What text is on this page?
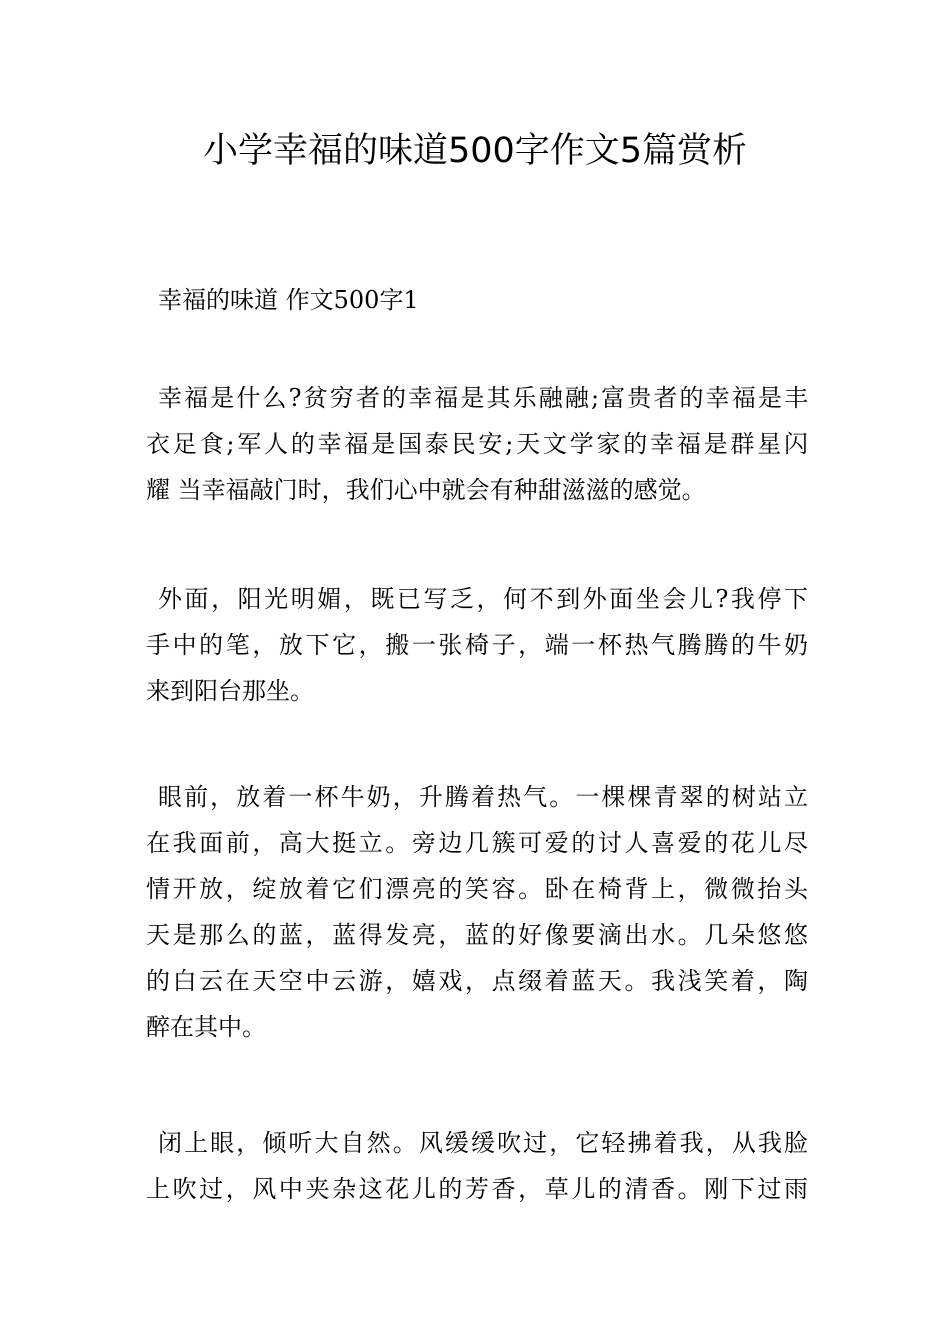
小学幸福的味道500字作文5篇赏析

幸福的味道 作文500字1

幸福是什么?贫穷者的幸福是其乐融融;富贵者的幸福是丰
衣足食;军人的幸福是国泰民安;天文学家的幸福是群星闪
耀 当幸福敲门时，我们心中就会有种甜滋滋的感觉。

外面，阳光明媚，既已写乏，何不到外面坐会儿?我停下
手中的笔，放下它，搬一张椅子，端一杯热气腾腾的牛奶
来到阳台那坐。

眼前，放着一杯牛奶，升腾着热气。一棵棵青翠的树站立
在我面前，高大挺立。旁边几簇可爱的讨人喜爱的花儿尽
情开放，绽放着它们漂亮的笑容。卧在椅背上，微微抬头
天是那么的蓝，蓝得发亮，蓝的好像要滴出水。几朵悠悠
的白云在天空中云游，嬉戏，点缀着蓝天。我浅笑着，陶
醉在其中。

闭上眼，倾听大自然。风缓缓吹过，它轻拂着我，从我脸
上吹过，风中夹杂这花儿的芳香，草儿的清香。刚下过雨
